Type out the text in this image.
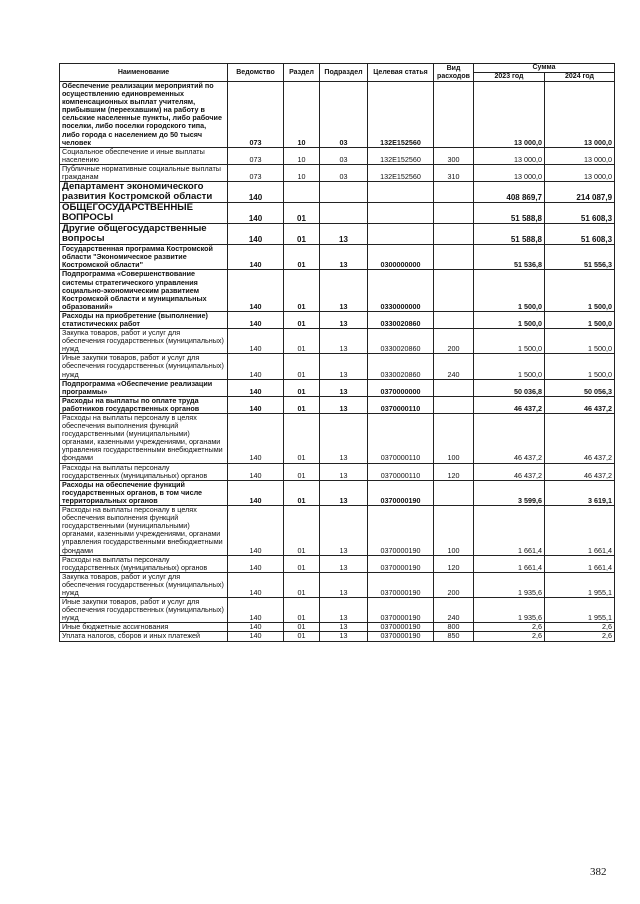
Наименование	Ведомство	Раздел	Подраздел	Целевая статья	Вид расходов	Сумма	
						2023 год	2024 год
Обеспечение реализации мероприятий по осуществлению единовременных компенсационных выплат учителям, прибывшим (переехавшим) на работу в сельские населенные пункты, либо рабочие поселки, либо поселки городского типа, либо города с населением до 50 тысяч человек	073	10	03	132Е152560		13 000,0	13 000,0
Социальное обеспечение и иные выплаты населению	073	10	03	132Е152560	300	13 000,0	13 000,0
Публичные нормативные социальные выплаты гражданам	073	10	03	132Е152560	310	13 000,0	13 000,0
Департамент экономического развития Костромской области	140					408 869,7	214 087,9
ОБЩЕГОСУДАРСТВЕННЫЕ ВОПРОСЫ	140	01				51 588,8	51 608,3
Другие общегосударственные вопросы	140	01	13			51 588,8	51 608,3
Государственная программа Костромской области "Экономическое развитие Костромской области"	140	01	13	0300000000		51 536,8	51 556,3
Подпрограмма «Совершенствование системы стратегического управления социально-экономическим развитием Костромской области и муниципальных образований»	140	01	13	0330000000		1 500,0	1 500,0
Расходы на приобретение (выполнение) статистических работ	140	01	13	0330020860		1 500,0	1 500,0
Закупка товаров, работ и услуг для обеспечения государственных (муниципальных) нужд	140	01	13	0330020860	200	1 500,0	1 500,0
Иные закупки товаров, работ и услуг для обеспечения государственных (муниципальных) нужд	140	01	13	0330020860	240	1 500,0	1 500,0
Подпрограмма «Обеспечение реализации программы»	140	01	13	0370000000		50 036,8	50 056,3
Расходы на выплаты по оплате труда работников государственных органов	140	01	13	0370000110		46 437,2	46 437,2
Расходы на выплаты персоналу в целях обеспечения выполнения функций государственными (муниципальными) органами, казенными учреждениями, органами управления государственными внебюджетными фондами	140	01	13	0370000110	100	46 437,2	46 437,2
Расходы на выплаты персоналу государственных (муниципальных) органов	140	01	13	0370000110	120	46 437,2	46 437,2
Расходы на обеспечение функций государственных органов, в том числе территориальных органов	140	01	13	0370000190		3 599,6	3 619,1
Расходы на выплаты персоналу в целях обеспечения выполнения функций государственными (муниципальными) органами, казенными учреждениями, органами управления государственными внебюджетными фондами	140	01	13	0370000190	100	1 661,4	1 661,4
Расходы на выплаты персоналу государственных (муниципальных) органов	140	01	13	0370000190	120	1 661,4	1 661,4
Закупка товаров, работ и услуг для обеспечения государственных (муниципальных) нужд	140	01	13	0370000190	200	1 935,6	1 955,1
Иные закупки товаров, работ и услуг для обеспечения государственных (муниципальных) нужд	140	01	13	0370000190	240	1 935,6	1 955,1
Иные бюджетные ассигнования	140	01	13	0370000190	800	2,6	2,6
Уплата налогов, сборов и иных платежей	140	01	13	0370000190	850	2,6	2,6
382
